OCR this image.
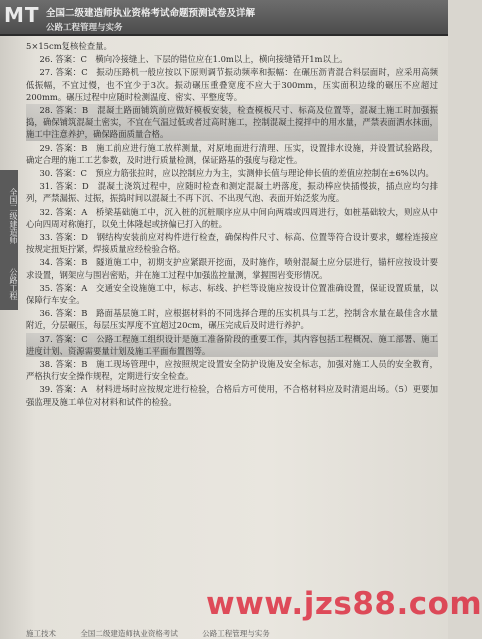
MT 全国二级建造师执业资格考试命题预测试卷及详解
公路工程管理与实务
全国二级建造师
公路工程

5×15cm复核检查量。

26. 答案：C　横向冷接缝上、下层的错位应在1.0m以上，横向接缝错开1m以上。

27. 答案：C　振动压路机一般应按以下原则调节振动频率和振幅：在碾压沥青混合料层面时，应采用高频低振幅，不宜过慢，也不宜少于3次。振动碾压重叠宽度不应大于300mm，压实面积边缘的碾压不应超过200mm。碾压过程中应随时检测温度、密实、平整度等。

28. 答案：B　混凝土路面铺筑前应做好模板安装，检查模板尺寸、标高及位置等，混凝土施工时加强振捣，确保铺筑混凝土密实，不宜在气温过低或者过高时施工，控制混凝土搅拌中的用水量，严禁表面洒水抹面，施工中注意养护，确保路面质量合格。

29. 答案：B　施工前应进行施工放样测量，对原地面进行清理、压实，设置排水设施，并设置试验路段，确定合理的施工工艺参数，及时进行质量检测，保证路基的强度与稳定性。

30. 答案：C　预应力筋张拉时，应以控制应力为主，实测伸长值与理论伸长值的差值应控制在±6%以内。

31. 答案：D　混凝土浇筑过程中，应随时检查和测定混凝土坍落度，振动棒应快插慢拔，插点应均匀排列，严禁漏振、过振，振捣时间以混凝土不再下沉、不出现气泡、表面开始泛浆为度。

32. 答案：A　桥梁基础施工中，沉入桩的沉桩顺序应从中间向两端或四周进行，如桩基础较大，则应从中心向四周对称施打，以免土体隆起或挤偏已打入的桩。

33. 答案：D　钢结构安装前应对构件进行检查，确保构件尺寸、标高、位置等符合设计要求，螺栓连接应按规定扭矩拧紧，焊接质量应经检验合格。

34. 答案：B　隧道施工中，初期支护应紧跟开挖面，及时施作，喷射混凝土应分层进行，锚杆应按设计要求设置，钢架应与围岩密贴，并在施工过程中加强监控量测，掌握围岩变形情况。

35. 答案：A　交通安全设施施工中，标志、标线、护栏等设施应按设计位置准确设置，保证设置质量，以保障行车安全。

36. 答案：B　路面基层施工时，应根据材料的不同选择合理的压实机具与工艺，控制含水量在最佳含水量附近，分层碾压，每层压实厚度不宜超过20cm，碾压完成后及时进行养护。

37. 答案：C　公路工程施工组织设计是施工准备阶段的重要工作，其内容包括工程概况、施工部署、施工进度计划、资源需要量计划及施工平面布置图等。

38. 答案：B　施工现场管理中，应按照规定设置安全防护设施及安全标志，加强对施工人员的安全教育，严格执行安全操作规程，定期进行安全检查。

39. 答案：A　材料进场时应按规定进行检验，合格后方可使用，不合格材料应及时清退出场。（5）更要加强监理及施工单位对材料和试件的检验。

www.jzs88.com
施工技术	全国二级建造师执业资格考试	公路工程管理与实务
